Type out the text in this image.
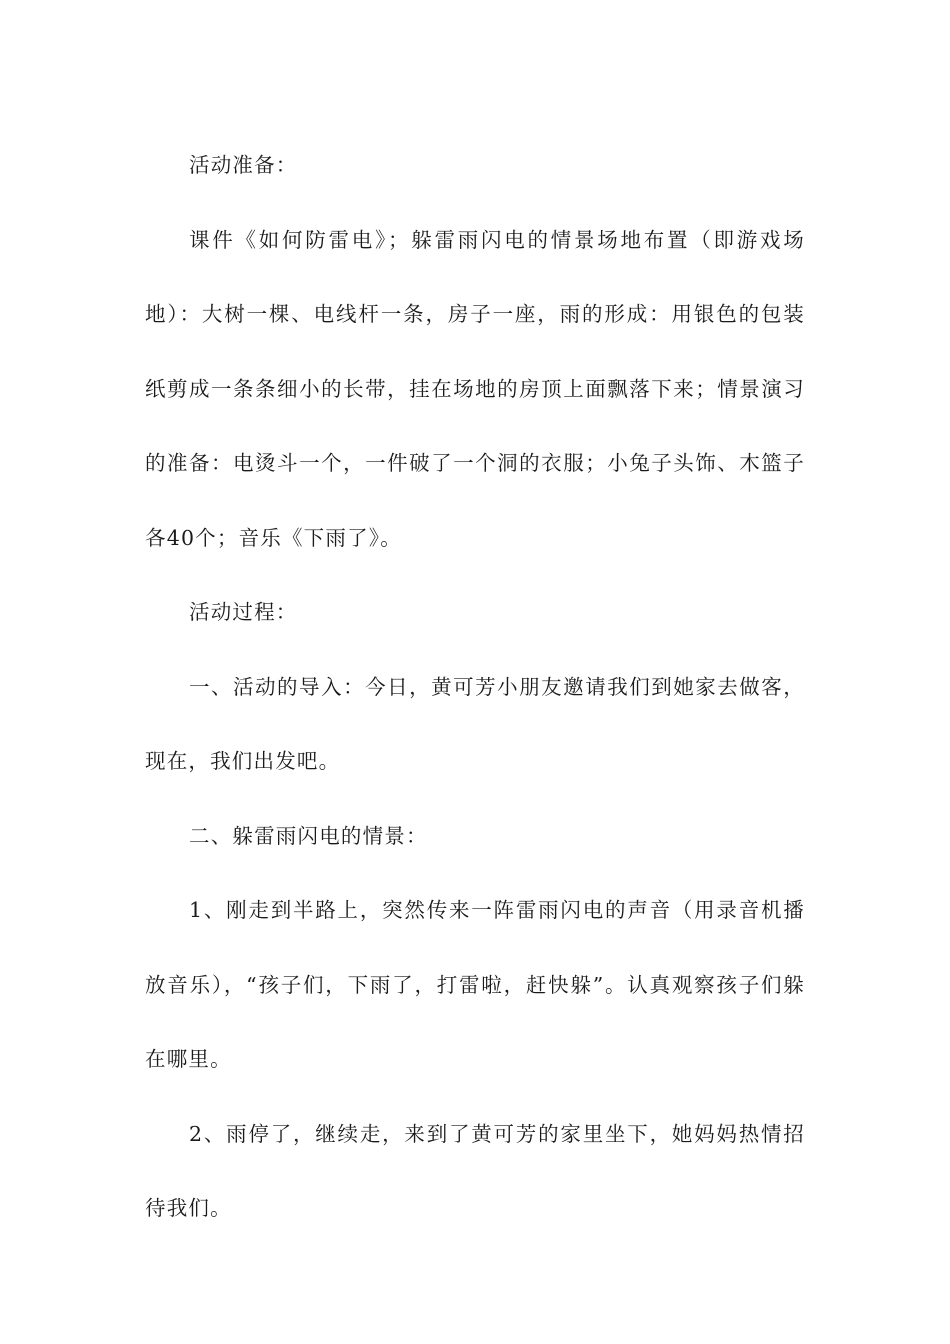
活动准备：

课件《如何防雷电》；躲雷雨闪电的情景场地布置（即游戏场地）：大树一棵、电线杆一条，房子一座，雨的形成：用银色的包装纸剪成一条条细小的长带，挂在场地的房顶上面飘落下来；情景演习的准备：电烫斗一个，一件破了一个洞的衣服；小兔子头饰、木篮子各40个；音乐《下雨了》。

活动过程：

一、活动的导入：今日，黄可芳小朋友邀请我们到她家去做客，现在，我们出发吧。

二、躲雷雨闪电的情景：

1、刚走到半路上，突然传来一阵雷雨闪电的声音（用录音机播放音乐），“孩子们，下雨了，打雷啦，赶快躲”。认真观察孩子们躲在哪里。

2、雨停了，继续走，来到了黄可芳的家里坐下，她妈妈热情招待我们。
